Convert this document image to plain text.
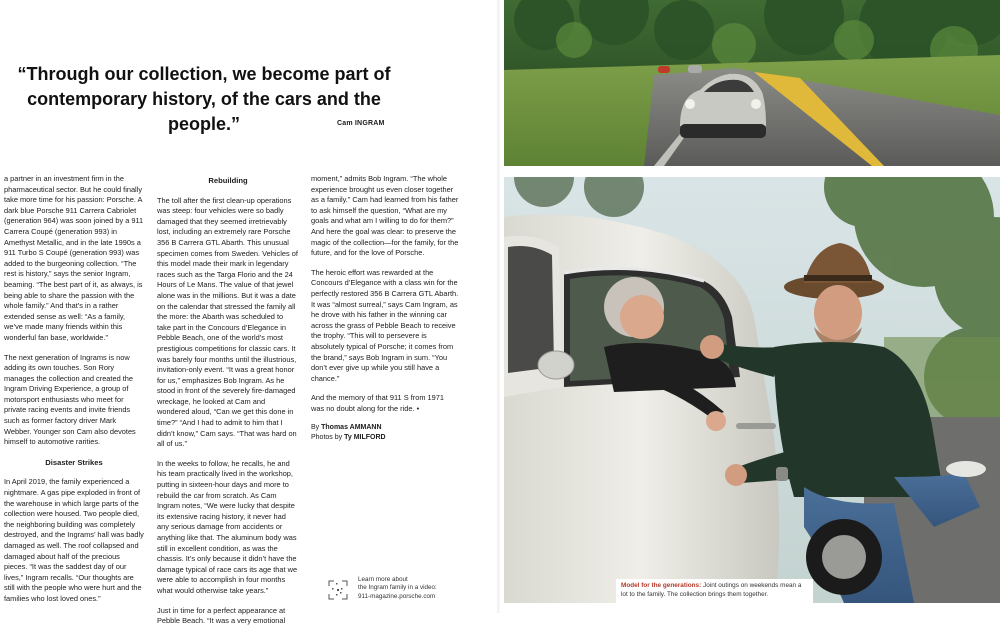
“Through our collection, we become part of contemporary history, of the cars and the people.”	Cam INGRAM

a partner in an investment firm in the pharmaceutical sector. But he could finally take more time for his passion: Porsche. A dark blue Porsche 911 Carrera Cabriolet (generation 964) was soon joined by a 911 Carrera Coupé (generation 993) in Amethyst Metallic, and in the late 1990s a 911 Turbo S Coupé (generation 993) was added to the burgeoning collection. “The rest is history,” says the senior Ingram, beaming. “The best part of it, as always, is being able to share the passion with the whole family.” And that’s in a rather extended sense as well: “As a family, we’ve made many friends within this wonderful fan base, worldwide.”

The next generation of Ingrams is now adding its own touches. Son Rory manages the collection and created the Ingram Driving Experience, a group of motorsport enthusiasts who meet for private racing events and invite friends such as former factory driver Mark Webber. Younger son Cam also devotes himself to automotive rarities.

Disaster Strikes

In April 2019, the family experienced a nightmare. A gas pipe exploded in front of the warehouse in which large parts of the collection were housed. Two people died, the neighboring building was completely destroyed, and the Ingrams’ hall was badly damaged as well. The roof collapsed and damaged about half of the precious pieces. “It was the saddest day of our lives,” Ingram recalls. “Our thoughts are still with the people who were hurt and the families who lost loved ones.”

Rebuilding

The toll after the first clean-up operations was steep: four vehicles were so badly damaged that they seemed irretrievably lost, including an extremely rare Porsche 356 B Carrera GTL Abarth. This unusual specimen comes from Sweden. Vehicles of this model made their mark in legendary races such as the Targa Florio and the 24 Hours of Le Mans. The value of that jewel alone was in the millions. But it was a date on the calendar that stressed the family all the more: the Abarth was scheduled to take part in the Concours d’Elegance in Pebble Beach, one of the world’s most prestigious competitions for classic cars. It was barely four months until the illustrious, invitation-only event. “It was a great honor for us,” emphasizes Bob Ingram. As he stood in front of the severely fire-damaged wreckage, he looked at Cam and wondered aloud, “Can we get this done in time?” “And I had to admit to him that I didn’t know,” Cam says. “That was hard on all of us.”

In the weeks to follow, he recalls, he and his team practically lived in the workshop, putting in sixteen-hour days and more to rebuild the car from scratch. As Cam Ingram notes, “We were lucky that despite its extensive racing history, it never had any serious damage from accidents or anything like that. The aluminum body was still in excellent condition, as was the chassis. It’s only because it didn’t have the damage typical of race cars its age that we were able to accomplish in four months what would otherwise take years.”

Just in time for a perfect appearance at Pebble Beach. “It was a very emotional

moment,” admits Bob Ingram. “The whole experience brought us even closer together as a family.” Cam had learned from his father to ask himself the question, “What are my goals and what am I willing to do for them?” And here the goal was clear: to preserve the magic of the collection—for the family, for the future, and for the love of Porsche.

The heroic effort was rewarded at the Concours d’Elegance with a class win for the perfectly restored 356 B Carrera GTL Abarth. It was “almost surreal,” says Cam Ingram, as he drove with his father in the winning car across the grass of Pebble Beach to receive the trophy. “This will to persevere is absolutely typical of Porsche; it comes from the brand,” says Bob Ingram in sum. “You don’t ever give up while you still have a chance.”

And the memory of that 911 S from 1971 was no doubt along for the ride. •

By Thomas AMMANN
Photos by Ty MILFORD
Learn more about
the Ingram family in a video:
911-magazine.porsche.com
Model for the generations: Joint outings on weekends mean a lot to the family. The collection brings them together.
